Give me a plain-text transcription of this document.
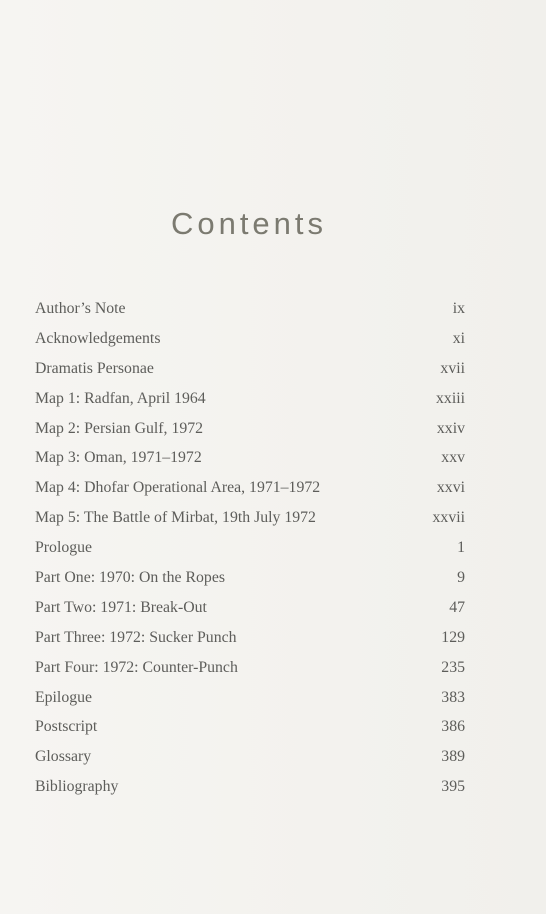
Contents
Author’s Note	ix
Acknowledgements	xi
Dramatis Personae	xvii
Map 1: Radfan, April 1964	xxiii
Map 2: Persian Gulf, 1972	xxiv
Map 3: Oman, 1971–1972	xxv
Map 4: Dhofar Operational Area, 1971–1972	xxvi
Map 5: The Battle of Mirbat, 19th July 1972	xxvii
Prologue	1
Part One: 1970: On the Ropes	9
Part Two: 1971: Break-Out	47
Part Three: 1972: Sucker Punch	129
Part Four: 1972: Counter-Punch	235
Epilogue	383
Postscript	386
Glossary	389
Bibliography	395
